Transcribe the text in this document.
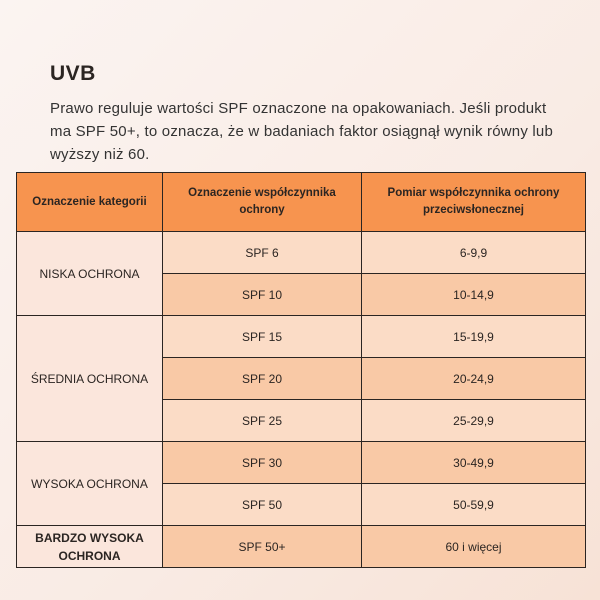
UVB
Prawo reguluje wartości SPF oznaczone na opakowaniach. Jeśli produkt ma SPF 50+, to oznacza, że w badaniach faktor osiągnął wynik równy lub wyższy niż 60.
Oznaczenie kategorii	Oznaczenie współczynnika ochrony	Pomiar współczynnika ochrony przeciwsłonecznej
NISKA OCHRONA	SPF 6	6-9,9
	SPF 10	10-14,9
ŚREDNIA OCHRONA	SPF 15	15-19,9
	SPF 20	20-24,9
	SPF 25	25-29,9
WYSOKA OCHRONA	SPF 30	30-49,9
	SPF 50	50-59,9
BARDZO WYSOKA OCHRONA	SPF 50+	60 i więcej
